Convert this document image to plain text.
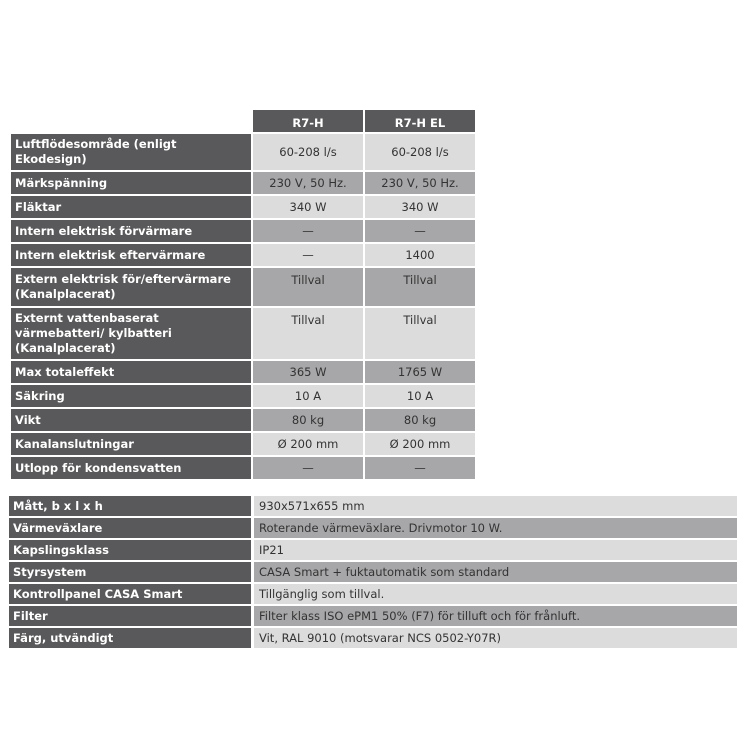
	R7-H	R7-H EL
Luftflödesområde (enligt Ekodesign)	60-208 l/s	60-208 l/s
Märkspänning	230 V, 50 Hz.	230 V, 50 Hz.
Fläktar	340 W	340 W
Intern elektrisk förvärmare	—	—
Intern elektrisk eftervärmare	—	1400
Extern elektrisk för/eftervärmare (Kanalplacerat)	Tillval	Tillval
Externt vattenbaserat värmebatteri/ kylbatteri (Kanalplacerat)	Tillval	Tillval
Max totaleffekt	365 W	1765 W
Säkring	10 A	10 A
Vikt	80 kg	80 kg
Kanalanslutningar	Ø 200 mm	Ø 200 mm
Utlopp för kondensvatten	—	—
Mått, b x l x h		930x571x655 mm
Värmeväxlare		Roterande värmeväxlare. Drivmotor 10 W.
Kapslingsklass		IP21
Styrsystem		CASA Smart + fuktautomatik som standard
Kontrollpanel CASA Smart		Tillgänglig som tillval.
Filter		Filter klass ISO ePM1 50% (F7) för tilluft och för frånluft.
Färg, utvändigt		Vit, RAL 9010 (motsvarar NCS 0502-Y07R)
